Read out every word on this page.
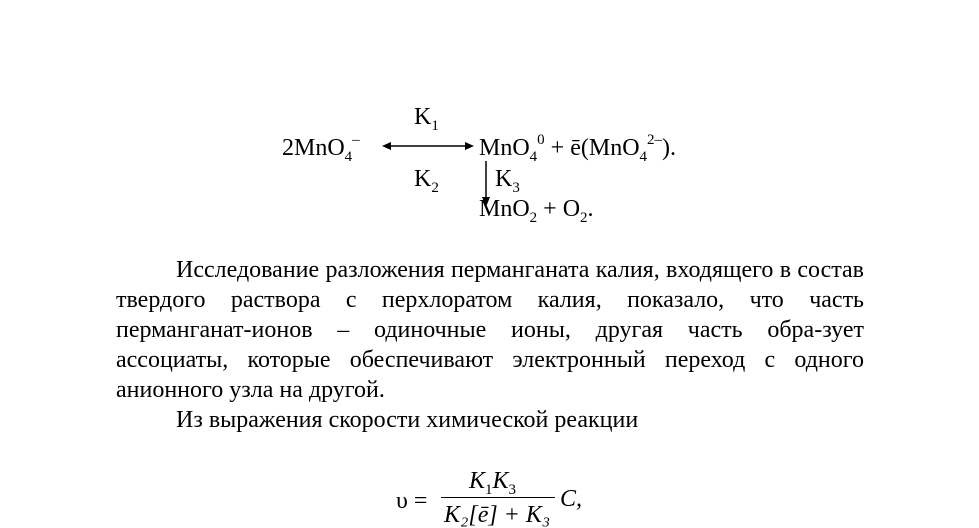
2MnO$_4$–
$K_1$
$K_2$
MnO$_4^0$ + ē(MnO$_4^{2-}$).
$K_3$
$MnO_2 + O_2$.

Исследование разложения перманганата калия, входящего в состав твердого раствора с перхлоратом калия, показало, что часть перманганат-ионов – одиночные ионы, другая часть обра-зует ассоциаты, которые обеспечивают электронный переход с одного анионного узла на другой.

Из выражения скорости химической реакции

υ =
$K_1K_3$
K₂[ē] + K₃
C,
